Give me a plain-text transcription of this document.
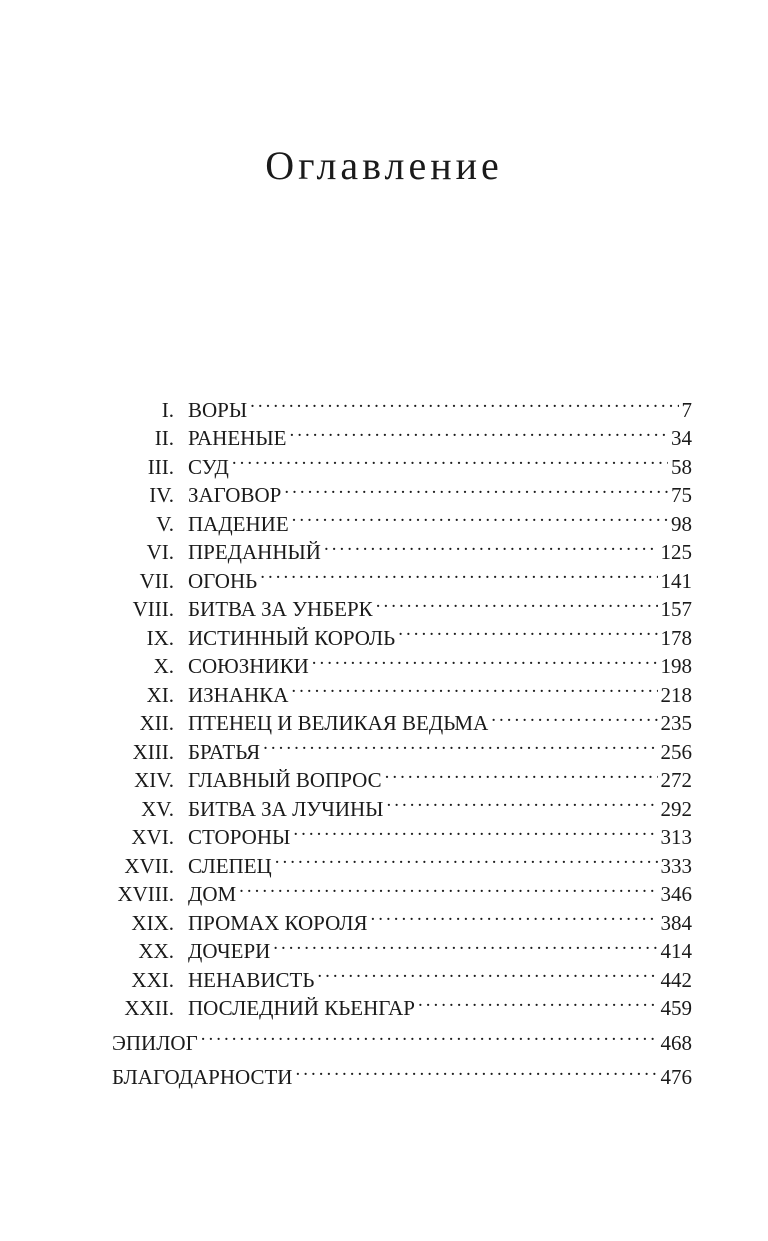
Оглавление
I. ВОРЫ .....	7
II. РАНЕНЫЕ .....	34
III. СУД .....	58
IV. ЗАГОВОР .....	75
V. ПАДЕНИЕ .....	98
VI. ПРЕДАННЫЙ .....	125
VII. ОГОНЬ .....	141
VIII. БИТВА ЗА УНБЕРК .....	157
IX. ИСТИННЫЙ КОРОЛЬ .....	178
X. СОЮЗНИКИ .....	198
XI. ИЗНАНКА .....	218
XII. ПТЕНЕЦ И ВЕЛИКАЯ ВЕДЬМА .....	235
XIII. БРАТЬЯ .....	256
XIV. ГЛАВНЫЙ ВОПРОС .....	272
XV. БИТВА ЗА ЛУЧИНЫ .....	292
XVI. СТОРОНЫ .....	313
XVII. СЛЕПЕЦ .....	333
XVIII. ДОМ .....	346
XIX. ПРОМАХ КОРОЛЯ .....	384
XX. ДОЧЕРИ .....	414
XXI. НЕНАВИСТЬ .....	442
XXII. ПОСЛЕДНИЙ КЬЕНГАР .....	459
ЭПИЛОГ .....	468
БЛАГОДАРНОСТИ .....	476
